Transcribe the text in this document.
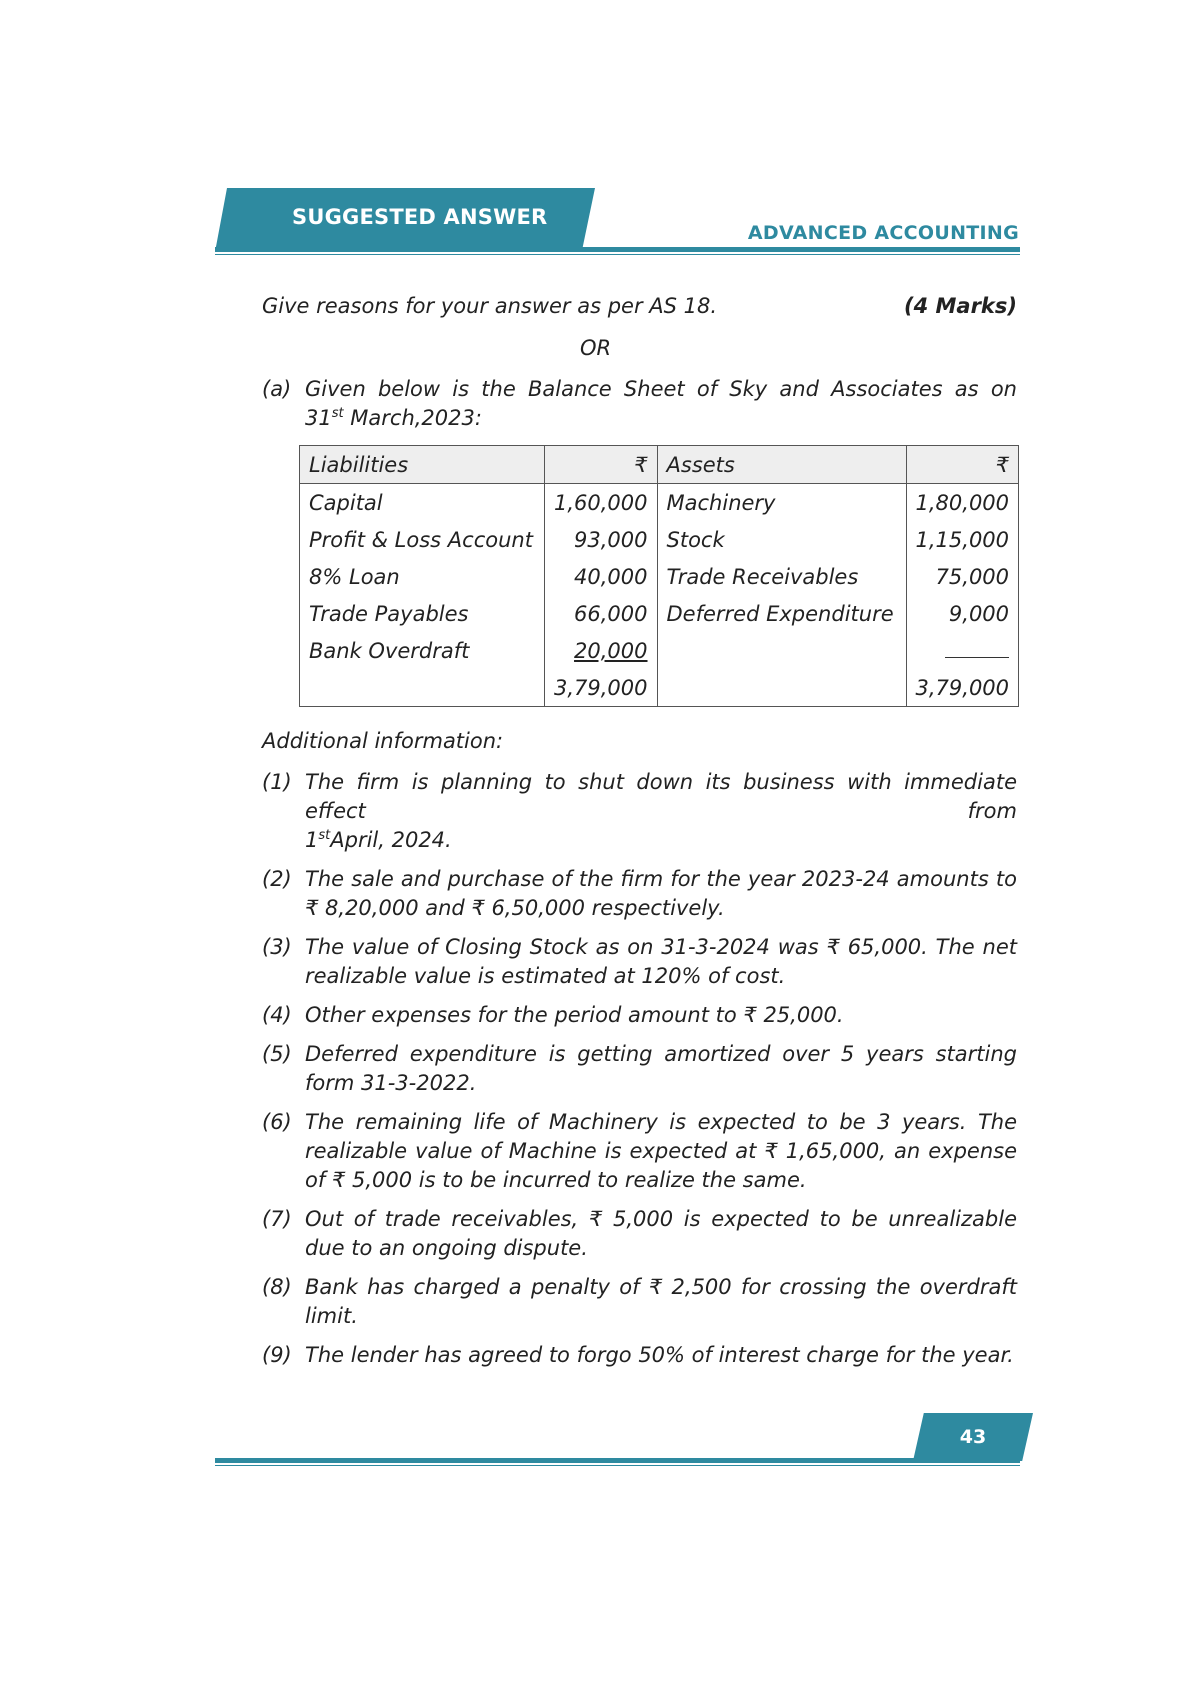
SUGGESTED ANSWER
ADVANCED ACCOUNTING
Give reasons for your answer as per AS 18.	(4 Marks)
OR
(a) Given below is the Balance Sheet of Sky and Associates as on
31st March,2023:
Liabilities	₹	Assets	₹
Capital	1,60,000	Machinery	1,80,000
Profit & Loss Account	93,000	Stock	1,15,000
8% Loan	40,000	Trade Receivables	75,000
Trade Payables	66,000	Deferred Expenditure	9,000
Bank Overdraft	20,000		
	3,79,000		3,79,000
Additional information:
(1) The firm is planning to shut down its business with immediate effect from
1stApril, 2024.
(2) The sale and purchase of the firm for the year 2023-24 amounts to ₹ 8,20,000 and ₹ 6,50,000 respectively.
(3) The value of Closing Stock as on 31-3-2024 was ₹ 65,000. The net realizable value is estimated at 120% of cost.
(4) Other expenses for the period amount to ₹ 25,000.
(5) Deferred expenditure is getting amortized over 5 years starting form 31-3-2022.
(6) The remaining life of Machinery is expected to be 3 years. The realizable value of Machine is expected at ₹ 1,65,000, an expense of ₹ 5,000 is to be incurred to realize the same.
(7) Out of trade receivables, ₹ 5,000 is expected to be unrealizable due to an ongoing dispute.
(8) Bank has charged a penalty of ₹ 2,500 for crossing the overdraft limit.
(9) The lender has agreed to forgo 50% of interest charge for the year.
43
